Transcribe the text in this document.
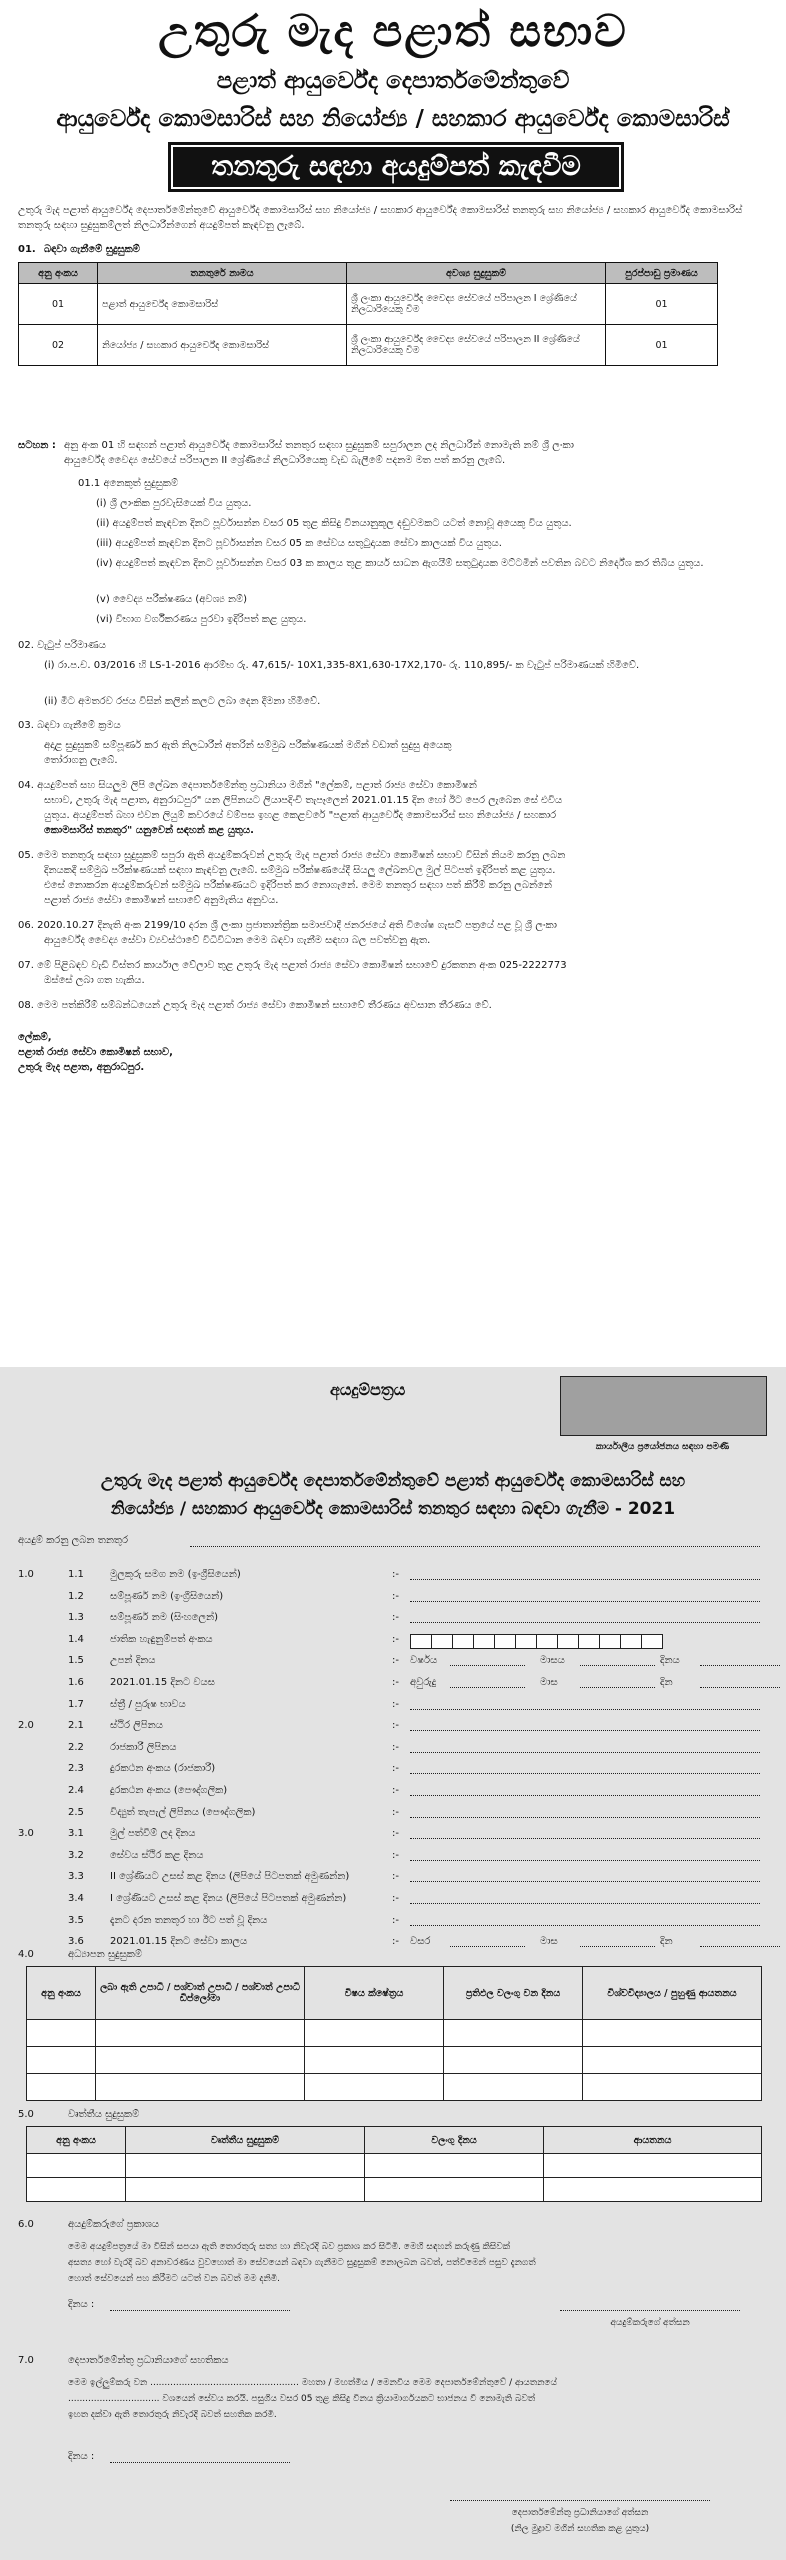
උතුරු මැද පළාත් සභාව
පළාත් ආයුර්වේද දෙපාර්තමේන්තුවේ
ආයුර්වේද කොමසාරිස් සහ නියෝජ්‍ය / සහකාර ආයුර්වේද කොමසාරිස්
තනතුරු සඳහා අයදුම්පත් කැඳවීම
උතුරු මැද පළාත් ආයුර්වේද දෙපාර්තමේන්තුවේ ආයුර්වේද කොමසාරිස් සහ නියෝජ්‍ය / සහකාර ආයුර්වේද කොමසාරිස් තනතුරු සහ නියෝජ්‍ය / සහකාර ආයුර්වේද කොමසාරිස්
තනතුරු සඳහා සුදුසුකම්ලත් නිලධාරීන්ගෙන් අයදුම්පත් කැඳවනු ලැබේ.
01. බඳවා ගැනීමේ සුදුසුකම්
අනු අංකය	තනතුරේ නාමය	අවශ්‍ය සුදුසුකම්	පුරප්පාඩු ප්‍රමාණය
01	පළාත් ආයුර්වේද කොමසාරිස්	ශ්‍රී ලංකා ආයුර්වේද වෛද්‍ය සේවයේ පරිපාලන I ශ්‍රේණියේ නිලධාරියෙකු වීම	01
02	නියෝජ්‍ය / සහකාර ආයුර්වේද කොමසාරිස්	ශ්‍රී ලංකා ආයුර්වේද වෛද්‍ය සේවයේ පරිපාලන II ශ්‍රේණියේ නිලධාරියෙකු වීම	01
සටහන : අනු අංක 01 හි සඳහන් පළාත් ආයුර්වේද කොමසාරිස් තනතුර සඳහා සුදුසුකම් සපුරාලන ලද නිලධාරීන් නොමැති නම් ශ්‍රී ලංකා
ආයුර්වේද වෛද්‍ය සේවයේ පරිපාලන II ශ්‍රේණියේ නිලධාරියෙකු වැඩ බැලීමේ පදනම මත පත් කරනු ලැබේ.
01.1 අනෙකුත් සුදුසුකම්
(i) ශ්‍රී ලාංකික පුරවැසියෙක් විය යුතුය.
(ii) අයදුම්පත් කැඳවන දිනට පූර්වාසන්න වසර 05 තුළ කිසිදු විනයානුකූල දඬුවමකට යටත් නොවූ අයෙකු විය යුතුය.
(iii) අයදුම්පත් කැඳවන දිනට පූර්වාසන්න වසර 05 ක සේවය සතුටුදායක සේවා කාලයක් විය යුතුය.
(iv) අයදුම්පත් කැඳවන දිනට පූර්වාසන්න වසර 03 ක කාලය තුළ කාර්ය සාධන ඇගයීම් සතුටුදායක මට්ටමින් පවතින බවට නිර්දේශ කර තිබිය යුතුය.
(v) වෛද්‍ය පරීක්ෂණය (අවශ්‍ය නම්)
(vi) විභාග වර්ගීකරණය පුරවා ඉදිරිපත් කළ යුතුය.
02. වැටුප් පරිමාණය
(i) රා.ප.ච. 03/2016 හි LS-1-2016 ආරම්භ රු. 47,615/- 10X1,335-8X1,630-17X2,170- රු. 110,895/- ක වැටුප් පරිමාණයක් හිමිවේ.
(ii) මීට අමතරව රජය විසින් කලින් කලට ලබා දෙන දීමනා හිමිවේ.
03. බඳවා ගැනීමේ ක්‍රමය
අදාළ සුදුසුකම් සම්පූර්ණ කර ඇති නිලධාරීන් අතරින් සම්මුඛ පරීක්ෂණයක් මගින් වඩාත් සුදුසු අයෙකු
තෝරාගනු ලැබේ.
04. අයදුම්පත් සහ සියලුම ලිපි ලේඛන දෙපාර්තමේන්තු ප්‍රධානියා මගින් "ලේකම්, පළාත් රාජ්‍ය සේවා කොමිෂන්
සභාව, උතුරු මැද පළාත, අනුරාධපුර" යන ලිපිනයට ලියාපදිංචි තැපෑලෙන් 2021.01.15 දින හෝ ඊට පෙර ලැබෙන සේ එවිය
යුතුය. අයදුම්පත් බහා එවන ලියුම් කවරයේ වම්පස ඉහළ කෙළවරේ "පළාත් ආයුර්වේද කොමසාරිස් සහ නියෝජ්‍ය / සහකාර
කොමසාරිස් තනතුර" යනුවෙන් සඳහන් කළ යුතුය.
05. මෙම තනතුරු සඳහා සුදුසුකම් සපුරා ඇති අයදුම්කරුවන් උතුරු මැද පළාත් රාජ්‍ය සේවා කොමිෂන් සභාව විසින් නියම කරනු ලබන
දිනයකදී සම්මුඛ පරීක්ෂණයක් සඳහා කැඳවනු ලැබේ. සම්මුඛ පරීක්ෂණයේදී සියලු ලේඛනවල මුල් පිටපත් ඉදිරිපත් කළ යුතුය.
එසේ නොකරන අයදුම්කරුවන් සම්මුඛ පරීක්ෂණයට ඉදිරිපත් කර නොගැනේ. මෙම තනතුර සඳහා පත් කිරීම් කරනු ලබන්නේ
පළාත් රාජ්‍ය සේවා කොමිෂන් සභාවේ අනුමැතිය අනුවය.
06. 2020.10.27 දිනැති අංක 2199/10 දරන ශ්‍රී ලංකා ප්‍රජාතාන්ත්‍රික සමාජවාදී ජනරජයේ අති විශේෂ ගැසට් පත්‍රයේ පළ වූ ශ්‍රී ලංකා
ආයුර්වේද වෛද්‍ය සේවා ව්‍යවස්ථාවේ විධිවිධාන මෙම බඳවා ගැනීම සඳහා බල පවත්වනු ඇත.
07. මේ පිළිබඳව වැඩි විස්තර කාර්යාල වේලාව තුළ උතුරු මැද පළාත් රාජ්‍ය සේවා කොමිෂන් සභාවේ දුරකතන අංක 025-2222773
ඔස්සේ ලබා ගත හැකිය.
08. මෙම පත්කිරීම් සම්බන්ධයෙන් උතුරු මැද පළාත් රාජ්‍ය සේවා කොමිෂන් සභාවේ තීරණය අවසාන තීරණය වේ.
ලේකම්,
පළාත් රාජ්‍ය සේවා කොමිෂන් සභාව,
උතුරු මැද පළාත, අනුරාධපුර.
අයදුම්පත්‍රය
කාර්යාලීය ප්‍රයෝජනය සඳහා පමණි
උතුරු මැද පළාත් ආයුර්වේද දෙපාර්තමේන්තුවේ පළාත් ආයුර්වේද කොමසාරිස් සහ
නියෝජ්‍ය / සහකාර ආයුර්වේද කොමසාරිස් තනතුර සඳහා බඳවා ගැනීම - 2021
අයදුම් කරනු ලබන තනතුර
1.0	1.1	මුලකුරු සමග නම (ඉංග්‍රීසියෙන්)	:-
1.2	සම්පූර්ණ නම (ඉංග්‍රීසියෙන්)	:-
1.3	සම්පූර්ණ නම (සිංහලෙන්)	:-
1.4	ජාතික හැඳුනුම්පත් අංකය	:-
1.5	උපන් දිනය	:- වර්ෂය	මාසය	දිනය
1.6	2021.01.15 දිනට වයස	:- අවුරුදු	මාස	දින
1.7	ස්ත්‍රී / පුරුෂ භාවය	:-
2.0	2.1	ස්ථිර ලිපිනය	:-
2.2	රාජකාරී ලිපිනය	:-
2.3	දුරකථන අංකය (රාජකාරී)	:-
2.4	දුරකථන අංකය (පෞද්ගලික)	:-
2.5	විද්‍යුත් තැපැල් ලිපිනය (පෞද්ගලික)	:-
3.0	3.1	මුල් පත්වීම් ලද දිනය	:-
3.2	සේවය ස්ථිර කළ දිනය	:-
3.3	II ශ්‍රේණියට උසස් කළ දිනය (ලිපියේ පිටපතක් අමුණන්න)	:-
3.4	I ශ්‍රේණියට උසස් කළ දිනය (ලිපියේ පිටපතක් අමුණන්න)	:-
3.5	දැනට දරන තනතුර හා ඊට පත් වූ දිනය	:-
3.6	2021.01.15 දිනට සේවා කාලය	:- වසර	මාස	දින
4.0	අධ්‍යාපන සුදුසුකම්
අනු අංකය	ලබා ඇති උපාධි / පශ්චාත් උපාධි / පශ්චාත් උපාධි ඩිප්ලෝමා	විෂය ක්ෂේත්‍රය	ප්‍රතිඵල වලංගු වන දිනය	විශ්වවිද්‍යාලය / පුහුණු ආයතනය

5.0	වෘත්තීය සුදුසුකම්
අනු අංකය	වෘත්තීය සුදුසුකම්	වලංගු දිනය	ආයතනය

6.0	අයදුම්කරුගේ ප්‍රකාශය
මෙම අයදුම්පත්‍රයේ මා විසින් සපයා ඇති තොරතුරු සත්‍ය හා නිවැරදි බව ප්‍රකාශ කර සිටිමි. මෙහි සඳහන් කරුණු කිසිවක්
අසත්‍ය හෝ වැරදි බව අනාවරණය වුවහොත් මා සේවයෙන් බඳවා ගැනීමට සුදුසුකම් නොලබන බවත්, පත්වීමෙන් පසුව දැනගත්
හොත් සේවයෙන් පහ කිරීමට යටත් වන බවත් මම දනිමි.
දිනය :
අයදුම්කරුගේ අත්සන
7.0	දෙපාර්තමේන්තු ප්‍රධානියාගේ සහතිකය
මෙම ඉල්ලුම්කරු වන .................................................... මහතා / මහත්මිය / මෙනවිය මෙම දෙපාර්තමේන්තුවේ / ආයතනයේ
................................ වශයෙන් සේවය කරයි. පසුගිය වසර 05 තුළ කිසිදු විනය ක්‍රියාමාර්ගයකට භාජනය වී නොමැති බවත්
ඉහත දක්වා ඇති තොරතුරු නිවැරදි බවත් සහතික කරමි.
දිනය :
දෙපාර්තමේන්තු ප්‍රධානියාගේ අත්සන
(නිල මුද්‍රාව මගින් සහතික කළ යුතුය)
